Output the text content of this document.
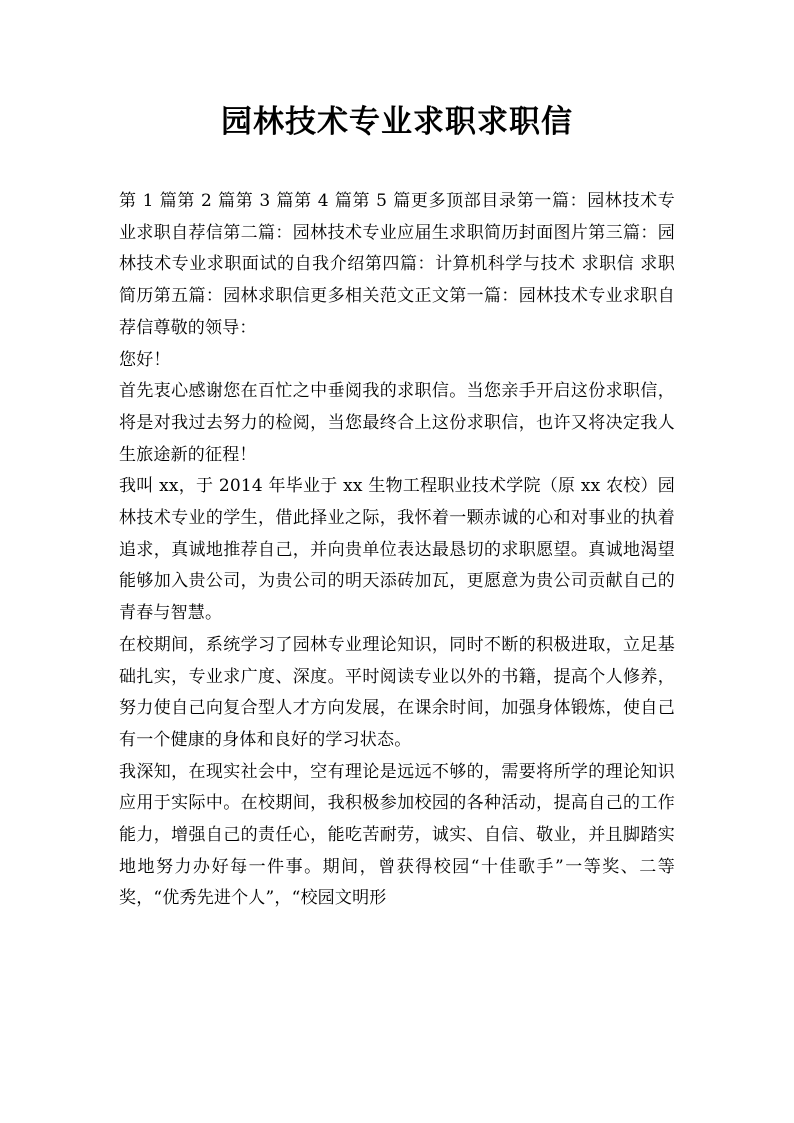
园林技术专业求职求职信

第 1 篇第 2 篇第 3 篇第 4 篇第 5 篇更多顶部目录第一篇：园林技术专业求职自荐信第二篇：园林技术专业应届生求职简历封面图片第三篇：园林技术专业求职面试的自我介绍第四篇：计算机科学与技术 求职信 求职简历第五篇：园林求职信更多相关范文正文第一篇：园林技术专业求职自荐信尊敬的领导：

您好！

首先衷心感谢您在百忙之中垂阅我的求职信。当您亲手开启这份求职信，将是对我过去努力的检阅，当您最终合上这份求职信，也许又将决定我人生旅途新的征程！

我叫 xx，于 2014 年毕业于 xx 生物工程职业技术学院（原 xx 农校）园林技术专业的学生，借此择业之际，我怀着一颗赤诚的心和对事业的执着追求，真诚地推荐自己，并向贵单位表达最恳切的求职愿望。真诚地渴望能够加入贵公司，为贵公司的明天添砖加瓦，更愿意为贵公司贡献自己的青春与智慧。

在校期间，系统学习了园林专业理论知识，同时不断的积极进取，立足基础扎实，专业求广度、深度。平时阅读专业以外的书籍，提高个人修养，努力使自己向复合型人才方向发展，在课余时间，加强身体锻炼，使自己有一个健康的身体和良好的学习状态。

我深知，在现实社会中，空有理论是远远不够的，需要将所学的理论知识应用于实际中。在校期间，我积极参加校园的各种活动，提高自己的工作能力，增强自己的责任心，能吃苦耐劳，诚实、自信、敬业，并且脚踏实地地努力办好每一件事。期间，曾获得校园“十佳歌手”一等奖、二等奖，“优秀先进个人”，“校园文明形
